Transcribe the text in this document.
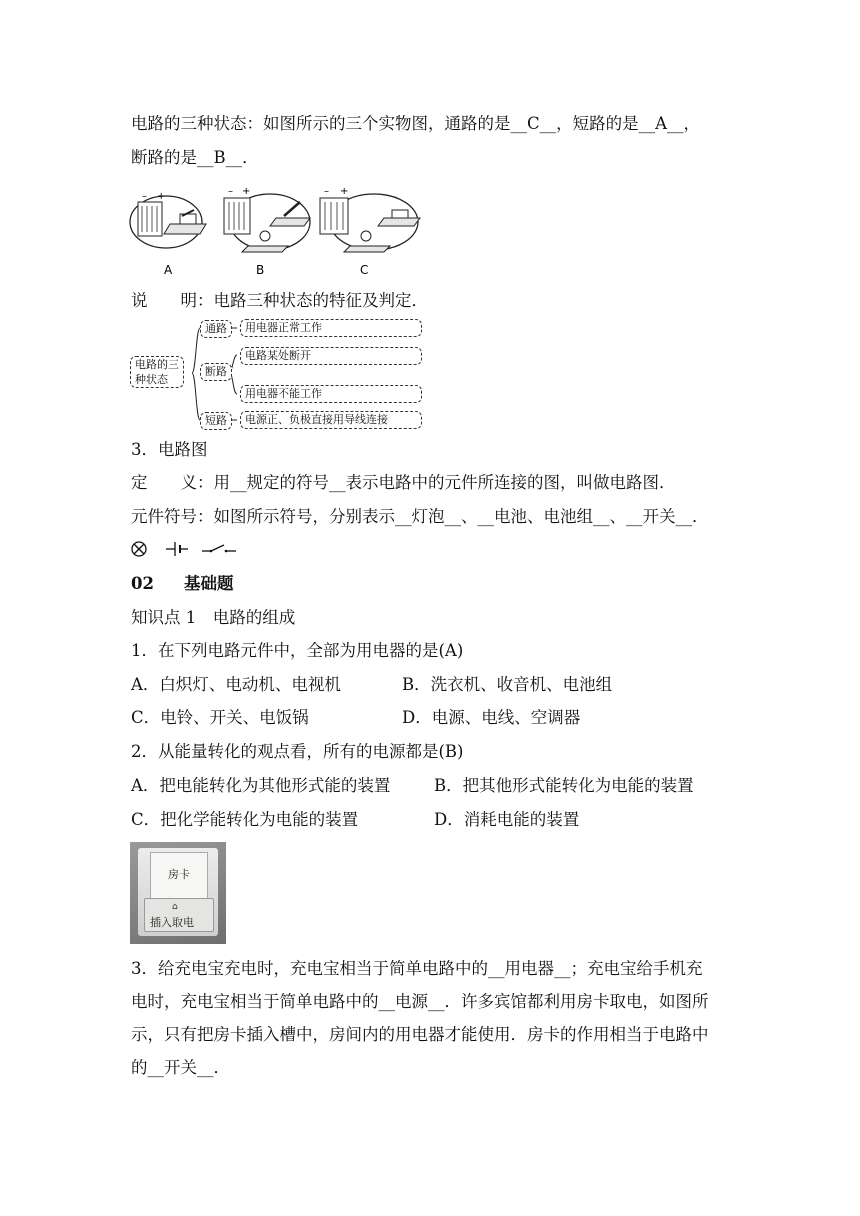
电路的三种状态：如图所示的三个实物图，通路的是__C__，短路的是__A__，
断路的是__B__．
– +	– +
B
– +
C
A
说　　明：电路三种状态的特征及判定．
电路的三种状态
通路	用电器正常工作
断路
电路某处断开
用电器不能工作
短路	电源正、负极直接用导线连接
3．电路图
定　　义：用__规定的符号__表示电路中的元件所连接的图，叫做电路图．
元件符号：如图所示符号，分别表示__灯泡__、__电池、电池组__、__开关__．
02 基础题
知识点 1　电路的组成
1．在下列电路元件中，全部为用电器的是(A)
A．白炽灯、电动机、电视机	B．洗衣机、收音机、电池组
C．电铃、开关、电饭锅	D．电源、电线、空调器
2．从能量转化的观点看，所有的电源都是(B)
A．把电能转化为其他形式能的装置	B．把其他形式能转化为电能的装置
C．把化学能转化为电能的装置	D．消耗电能的装置
房卡
⌂
插入取电
3．给充电宝充电时，充电宝相当于简单电路中的__用电器__；充电宝给手机充
电时，充电宝相当于简单电路中的__电源__．许多宾馆都利用房卡取电，如图所
示，只有把房卡插入槽中，房间内的用电器才能使用．房卡的作用相当于电路中
的__开关__．
